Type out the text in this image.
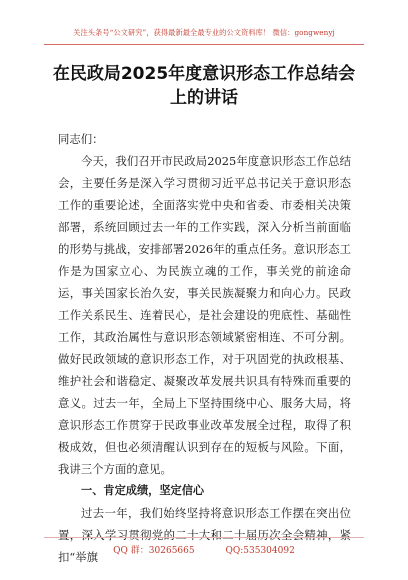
关注头条号“公文研究”，获得最新最全最专业的公文资料库！ 微信：gongwenyj
在民政局2025年度意识形态工作总结会
上的讲话

同志们：

今天，我们召开市民政局2025年度意识形态工作总结会，主要任务是深入学习贯彻习近平总书记关于意识形态工作的重要论述，全面落实党中央和省委、市委相关决策部署，系统回顾过去一年的工作实践，深入分析当前面临的形势与挑战，安排部署2026年的重点任务。意识形态工作是为国家立心、为民族立魂的工作，事关党的前途命运，事关国家长治久安，事关民族凝聚力和向心力。民政工作关系民生、连着民心，是社会建设的兜底性、基础性工作，其政治属性与意识形态领域紧密相连、不可分割。做好民政领域的意识形态工作，对于巩固党的执政根基、维护社会和谐稳定、凝聚改革发展共识具有特殊而重要的意义。过去一年，全局上下坚持围绕中心、服务大局，将意识形态工作贯穿于民政事业改革发展全过程，取得了积极成效，但也必须清醒认识到存在的短板与风险。下面，我讲三个方面的意见。

一、肯定成绩，坚定信心

过去一年，我们始终坚持将意识形态工作摆在突出位置，深入学习贯彻党的二十大和二十届历次全会精神，紧扣“举旗	QQ 群：30265665	QQ:535304092
